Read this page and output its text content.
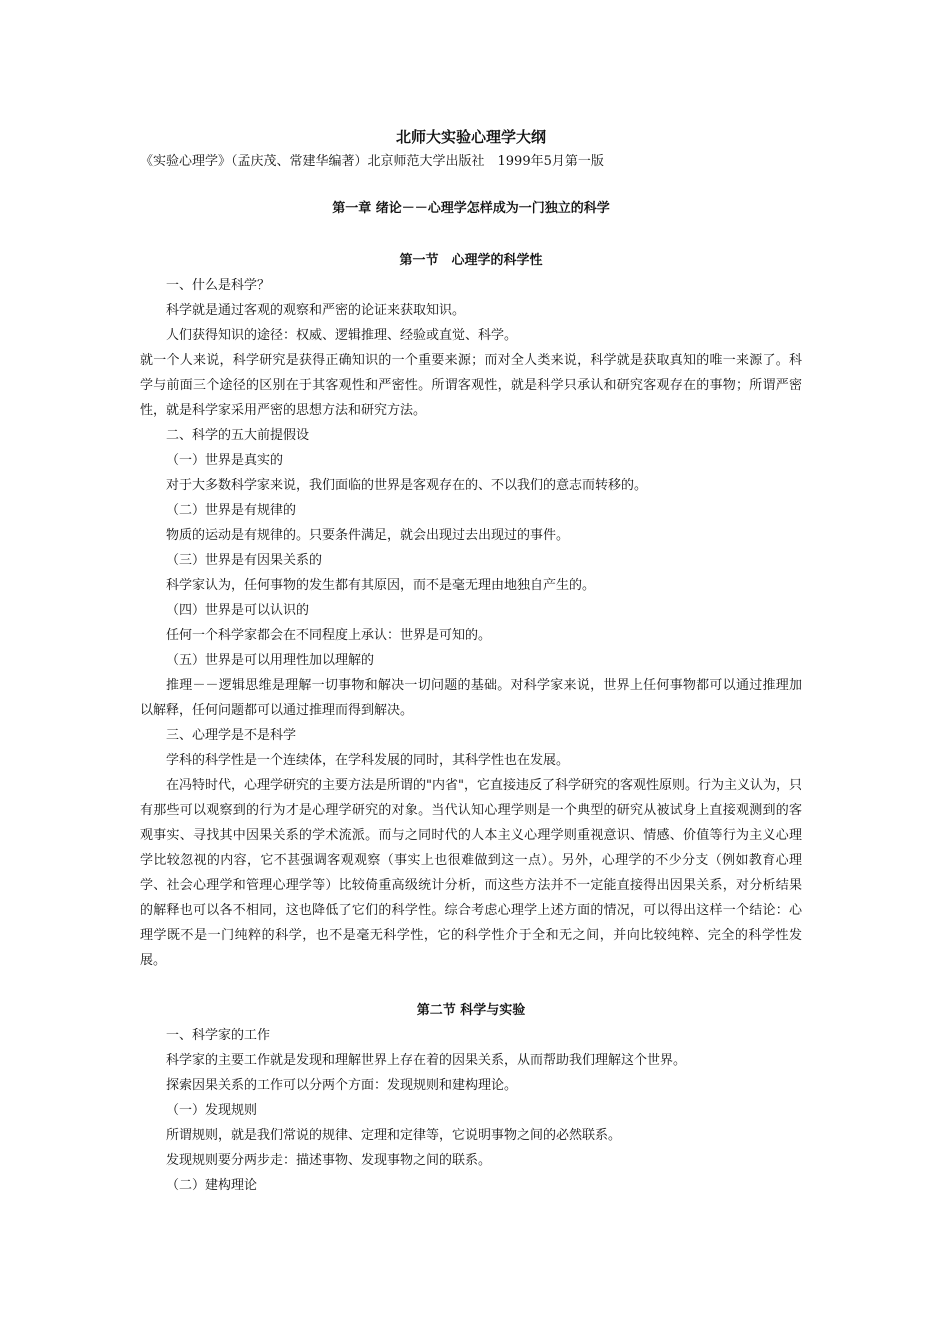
北师大实验心理学大纲
《实验心理学》（孟庆茂、常建华编著）北京师范大学出版社　1999年5月第一版
第一章 绪论－－心理学怎样成为一门独立的科学
第一节　心理学的科学性

一、什么是科学？

科学就是通过客观的观察和严密的论证来获取知识。

人们获得知识的途径：权威、逻辑推理、经验或直觉、科学。

就一个人来说，科学研究是获得正确知识的一个重要来源；而对全人类来说，科学就是获取真知的唯一来源了。科学与前面三个途径的区别在于其客观性和严密性。所谓客观性，就是科学只承认和研究客观存在的事物；所谓严密性，就是科学家采用严密的思想方法和研究方法。

二、科学的五大前提假设

（一）世界是真实的

对于大多数科学家来说，我们面临的世界是客观存在的、不以我们的意志而转移的。

（二）世界是有规律的

物质的运动是有规律的。只要条件满足，就会出现过去出现过的事件。

（三）世界是有因果关系的

科学家认为，任何事物的发生都有其原因，而不是毫无理由地独自产生的。

（四）世界是可以认识的

任何一个科学家都会在不同程度上承认：世界是可知的。

（五）世界是可以用理性加以理解的

推理－－逻辑思维是理解一切事物和解决一切问题的基础。对科学家来说，世界上任何事物都可以通过推理加以解释，任何问题都可以通过推理而得到解决。

三、心理学是不是科学

学科的科学性是一个连续体，在学科发展的同时，其科学性也在发展。

在冯特时代，心理学研究的主要方法是所谓的"内省"，它直接违反了科学研究的客观性原则。行为主义认为，只有那些可以观察到的行为才是心理学研究的对象。当代认知心理学则是一个典型的研究从被试身上直接观测到的客观事实、寻找其中因果关系的学术流派。而与之同时代的人本主义心理学则重视意识、情感、价值等行为主义心理学比较忽视的内容，它不甚强调客观观察（事实上也很难做到这一点）。另外，心理学的不少分支（例如教育心理学、社会心理学和管理心理学等）比较倚重高级统计分析，而这些方法并不一定能直接得出因果关系，对分析结果的解释也可以各不相同，这也降低了它们的科学性。综合考虑心理学上述方面的情况，可以得出这样一个结论：心理学既不是一门纯粹的科学，也不是毫无科学性，它的科学性介于全和无之间，并向比较纯粹、完全的科学性发展。

第二节 科学与实验

一、科学家的工作

科学家的主要工作就是发现和理解世界上存在着的因果关系，从而帮助我们理解这个世界。

探索因果关系的工作可以分两个方面：发现规则和建构理论。

（一）发现规则

所谓规则，就是我们常说的规律、定理和定律等，它说明事物之间的必然联系。

发现规则要分两步走：描述事物、发现事物之间的联系。

（二）建构理论
